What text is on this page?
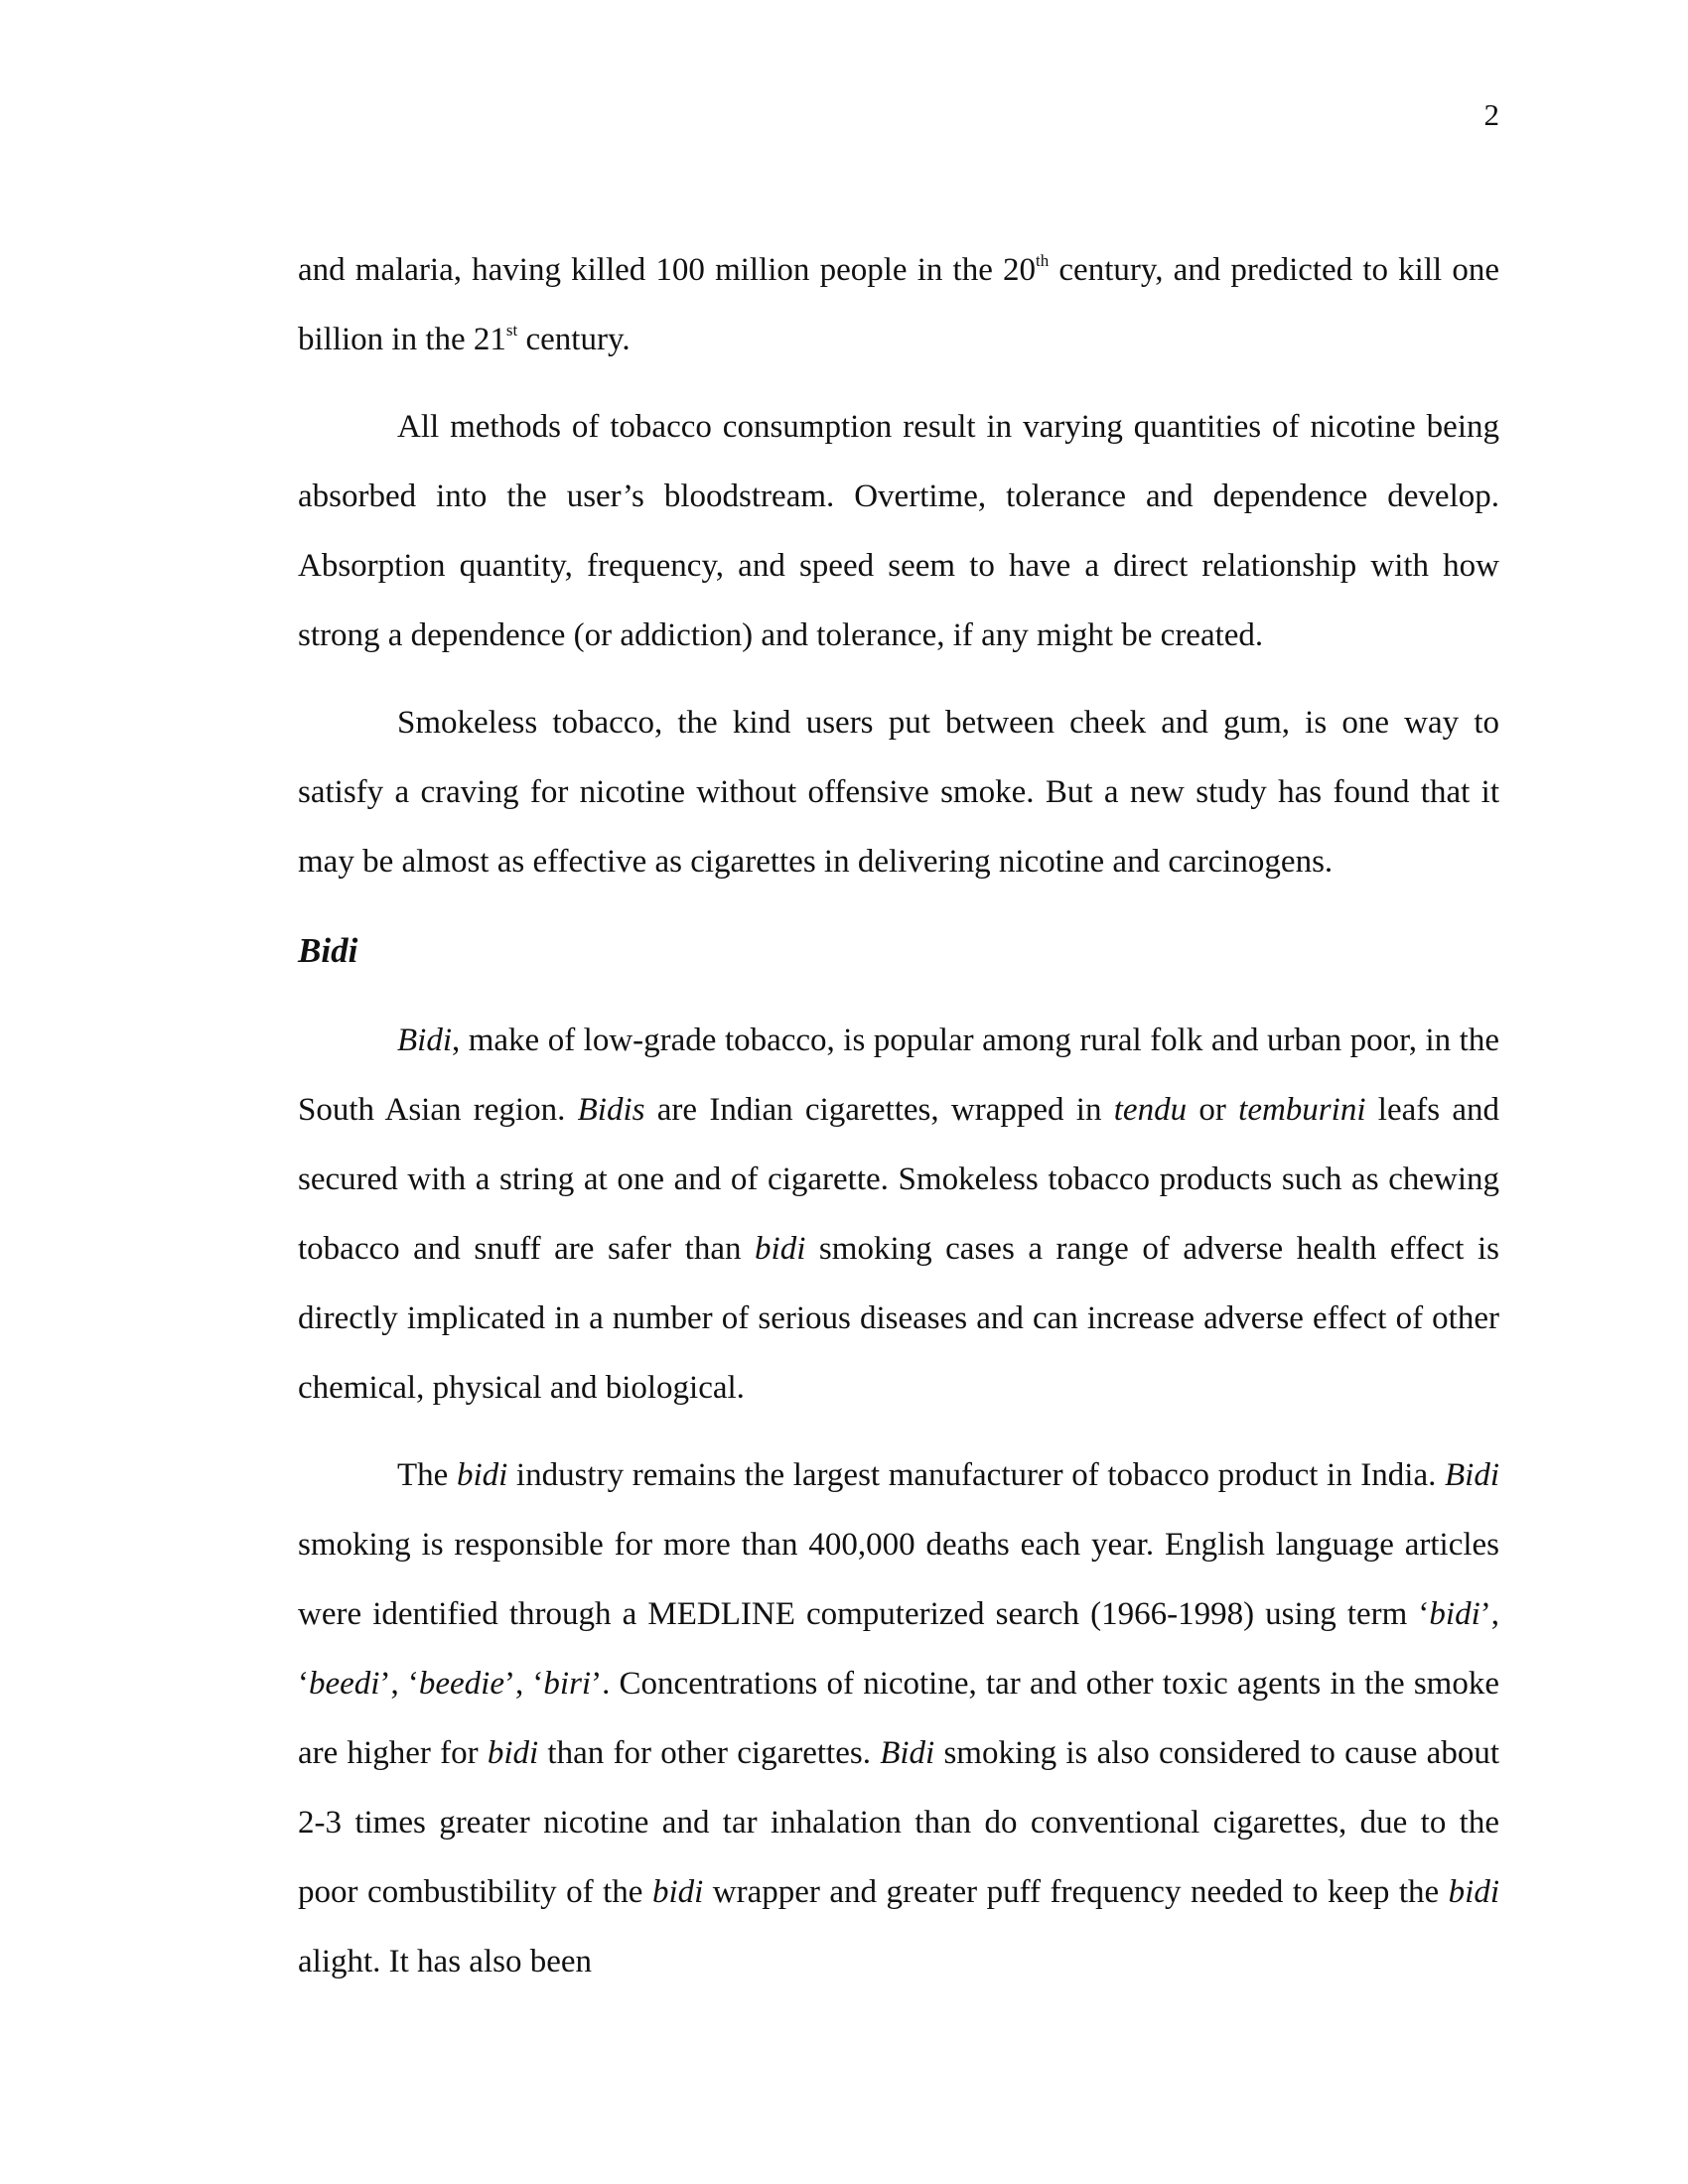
2

and malaria, having killed 100 million people in the 20th century, and predicted to kill one billion in the 21st century.

All methods of tobacco consumption result in varying quantities of nicotine being absorbed into the user’s bloodstream. Overtime, tolerance and dependence develop. Absorption quantity, frequency, and speed seem to have a direct relationship with how strong a dependence (or addiction) and tolerance, if any might be created.

Smokeless tobacco, the kind users put between cheek and gum, is one way to satisfy a craving for nicotine without offensive smoke. But a new study has found that it may be almost as effective as cigarettes in delivering nicotine and carcinogens.

Bidi

Bidi, make of low-grade tobacco, is popular among rural folk and urban poor, in the South Asian region. Bidis are Indian cigarettes, wrapped in tendu or temburini leafs and secured with a string at one and of cigarette. Smokeless tobacco products such as chewing tobacco and snuff are safer than bidi smoking cases a range of adverse health effect is directly implicated in a number of serious diseases and can increase adverse effect of other chemical, physical and biological.

The bidi industry remains the largest manufacturer of tobacco product in India. Bidi smoking is responsible for more than 400,000 deaths each year. English language articles were identified through a MEDLINE computerized search (1966-1998) using term ‘bidi’, ‘beedi’, ‘beedie’, ‘biri’. Concentrations of nicotine, tar and other toxic agents in the smoke are higher for bidi than for other cigarettes. Bidi smoking is also considered to cause about 2-3 times greater nicotine and tar inhalation than do conventional cigarettes, due to the poor combustibility of the bidi wrapper and greater puff frequency needed to keep the bidi alight. It has also been
